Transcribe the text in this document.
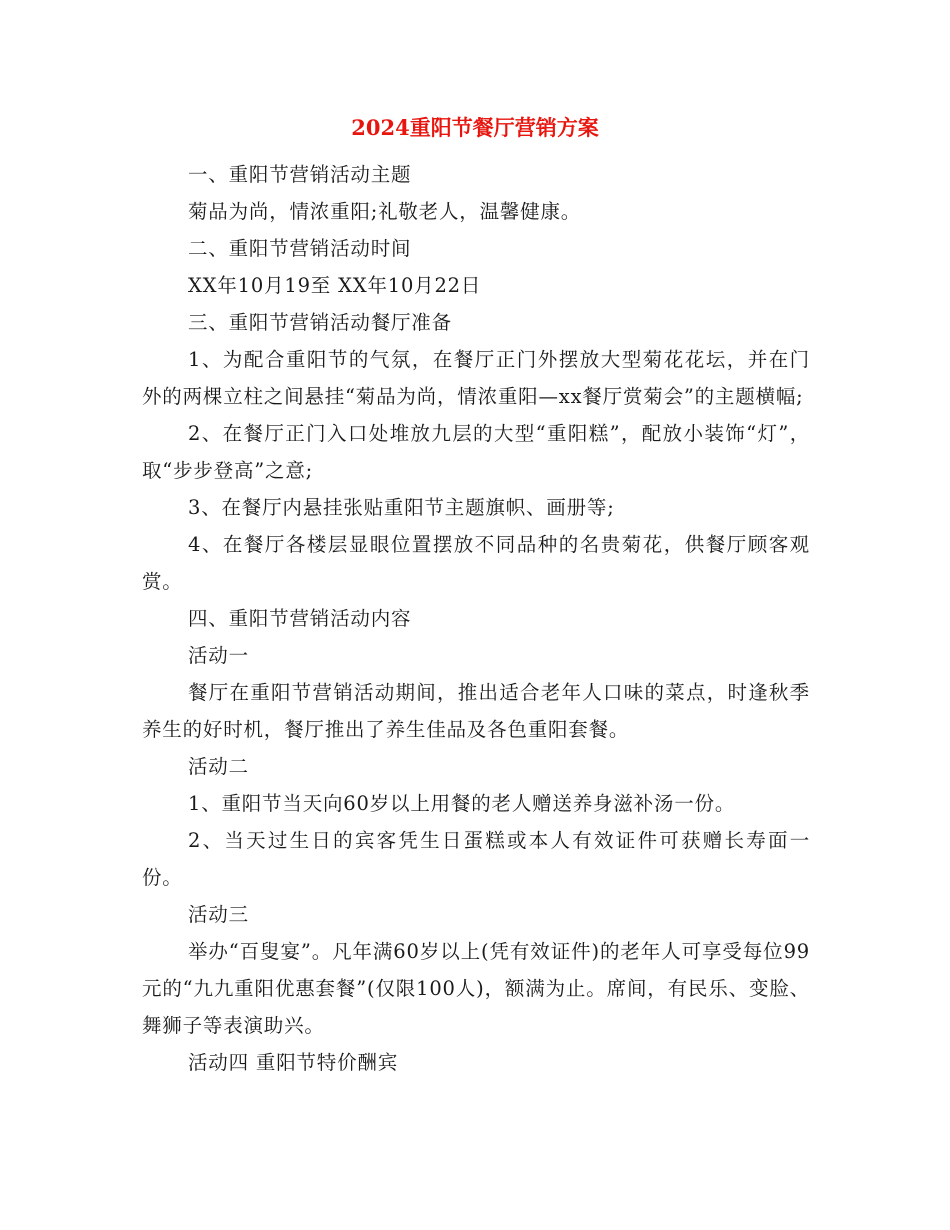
2024重阳节餐厅营销方案

一、重阳节营销活动主题

菊品为尚，情浓重阳;礼敬老人，温馨健康。

二、重阳节营销活动时间

XX年10月19至 XX年10月22日

三、重阳节营销活动餐厅准备

1、为配合重阳节的气氛，在餐厅正门外摆放大型菊花花坛，并在门外的两棵立柱之间悬挂“菊品为尚，情浓重阳—xx餐厅赏菊会”的主题横幅;

2、在餐厅正门入口处堆放九层的大型“重阳糕”，配放小装饰“灯”，取“步步登高”之意;

3、在餐厅内悬挂张贴重阳节主题旗帜、画册等;

4、在餐厅各楼层显眼位置摆放不同品种的名贵菊花，供餐厅顾客观赏。

四、重阳节营销活动内容

活动一

餐厅在重阳节营销活动期间，推出适合老年人口味的菜点，时逢秋季养生的好时机，餐厅推出了养生佳品及各色重阳套餐。

活动二

1、重阳节当天向60岁以上用餐的老人赠送养身滋补汤一份。

2、当天过生日的宾客凭生日蛋糕或本人有效证件可获赠长寿面一份。

活动三

举办“百叟宴”。凡年满60岁以上(凭有效证件)的老年人可享受每位99元的“九九重阳优惠套餐”(仅限100人)，额满为止。席间，有民乐、变脸、舞狮子等表演助兴。

活动四 重阳节特价酬宾
